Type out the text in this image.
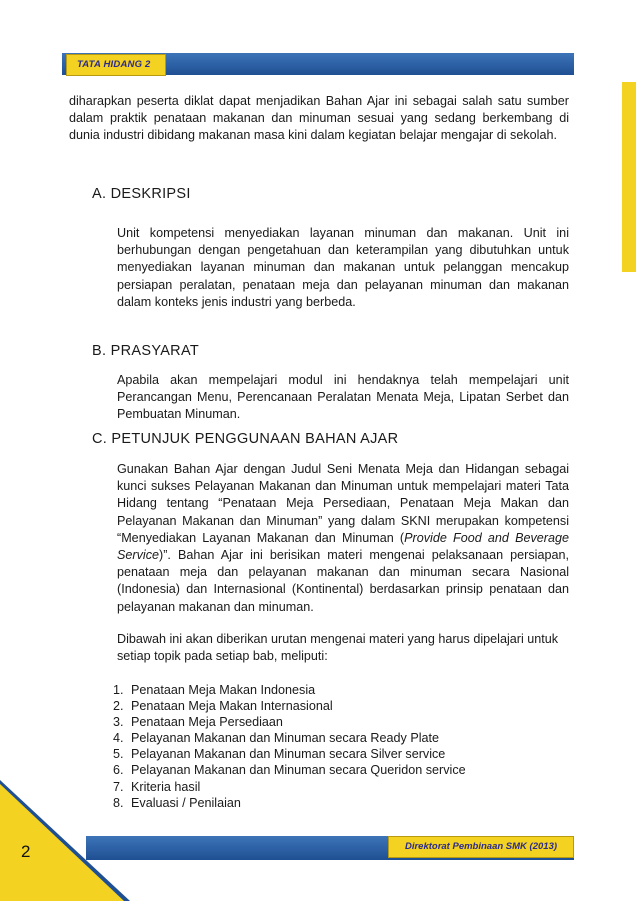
TATA HIDANG 2

diharapkan peserta diklat dapat menjadikan Bahan Ajar ini sebagai salah satu sumber dalam praktik penataan makanan dan minuman sesuai yang sedang berkembang di dunia industri dibidang makanan masa kini dalam kegiatan belajar mengajar di sekolah.

A. DESKRIPSI

Unit kompetensi menyediakan layanan minuman dan makanan. Unit ini berhubungan dengan pengetahuan dan keterampilan yang dibutuhkan untuk menyediakan layanan minuman dan makanan untuk pelanggan mencakup persiapan peralatan, penataan meja dan pelayanan minuman dan makanan dalam konteks jenis industri yang berbeda.

B. PRASYARAT

Apabila akan mempelajari modul ini hendaknya telah mempelajari unit Perancangan Menu, Perencanaan Peralatan Menata Meja, Lipatan Serbet dan Pembuatan Minuman.

C. PETUNJUK PENGGUNAAN BAHAN AJAR

Gunakan Bahan Ajar dengan Judul Seni Menata Meja dan Hidangan sebagai kunci sukses Pelayanan Makanan dan Minuman untuk mempelajari materi Tata Hidang tentang “Penataan Meja Persediaan, Penataan Meja Makan dan Pelayanan Makanan dan Minuman” yang dalam SKNI merupakan kompetensi “Menyediakan Layanan Makanan dan Minuman (Provide Food and Beverage Service)”. Bahan Ajar ini berisikan materi mengenai pelaksanaan persiapan, penataan meja dan pelayanan makanan dan minuman secara Nasional (Indonesia) dan Internasional (Kontinental) berdasarkan prinsip penataan dan pelayanan makanan dan minuman.

Dibawah ini akan diberikan urutan mengenai materi yang harus dipelajari untuk setiap topik pada setiap bab, meliputi:

1. Penataan Meja Makan Indonesia
2. Penataan Meja Makan Internasional
3. Penataan Meja Persediaan
4. Pelayanan Makanan dan Minuman secara Ready Plate
5. Pelayanan Makanan dan Minuman secara Silver service
6. Pelayanan Makanan dan Minuman secara Queridon service
7. Kriteria hasil
8. Evaluasi / Penilaian
Direktorat Pembinaan SMK (2013)
2
